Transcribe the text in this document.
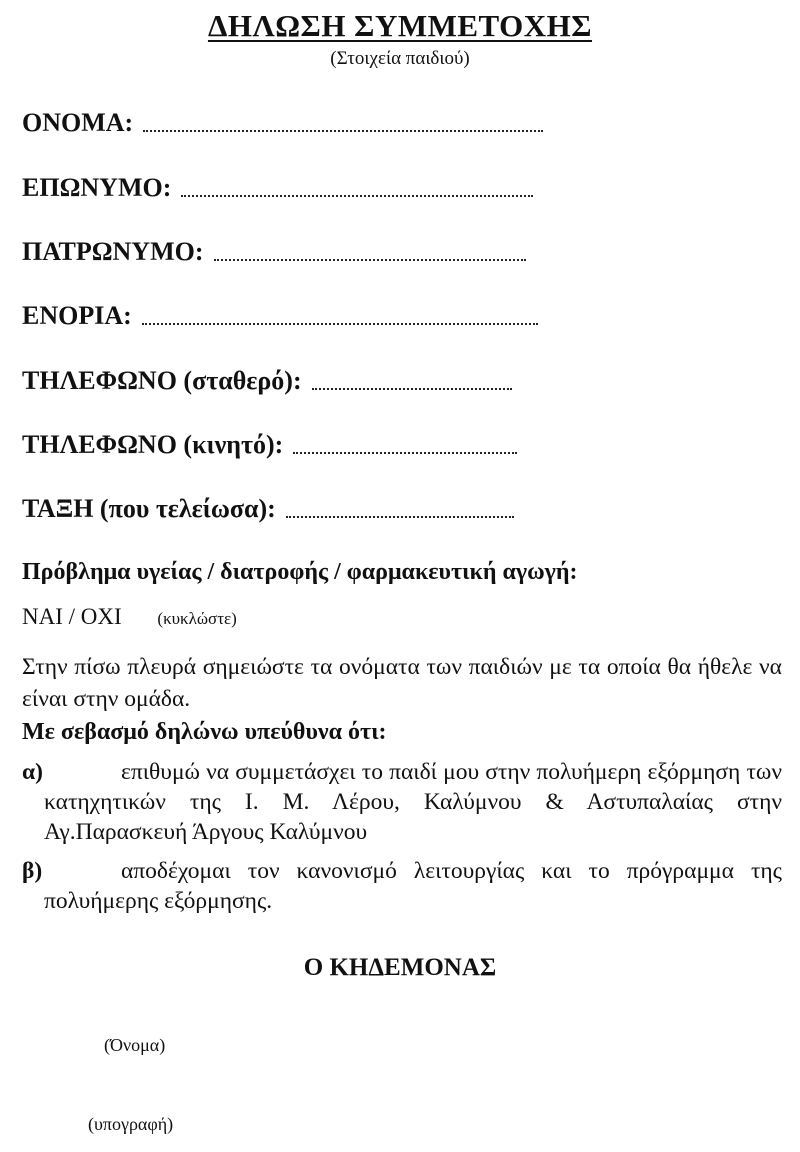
ΔΗΛΩΣΗ ΣΥΜΜΕΤΟΧΗΣ
(Στοιχεία παιδιού)
ΟΝΟΜΑ:
ΕΠΩΝΥΜΟ:
ΠΑΤΡΩΝΥΜΟ:
ΕΝΟΡΙΑ:
ΤΗΛΕΦΩΝΟ (σταθερό):
ΤΗΛΕΦΩΝΟ (κινητό):
ΤΑΞΗ (που τελείωσα):
Πρόβλημα υγείας / διατροφής / φαρμακευτική αγωγή:
ΝΑΙ / ΟΧΙ (κυκλώστε)
Στην πίσω πλευρά σημειώστε τα ονόματα των παιδιών με τα οποία θα ήθελε να είναι στην ομάδα.
Με σεβασμό δηλώνω υπεύθυνα ότι:
α)	επιθυμώ να συμμετάσχει το παιδί μου στην πολυήμερη εξόρμηση των κατηχητικών της Ι. Μ. Λέρου, Καλύμνου & Αστυπαλαίας στην Αγ.Παρασκευή Άργους Καλύμνου
β)	αποδέχομαι τον κανονισμό λειτουργίας και το πρόγραμμα της πολυήμερης εξόρμησης.
Ο ΚΗΔΕΜΟΝΑΣ
(Όνομα)
(υπογραφή)
